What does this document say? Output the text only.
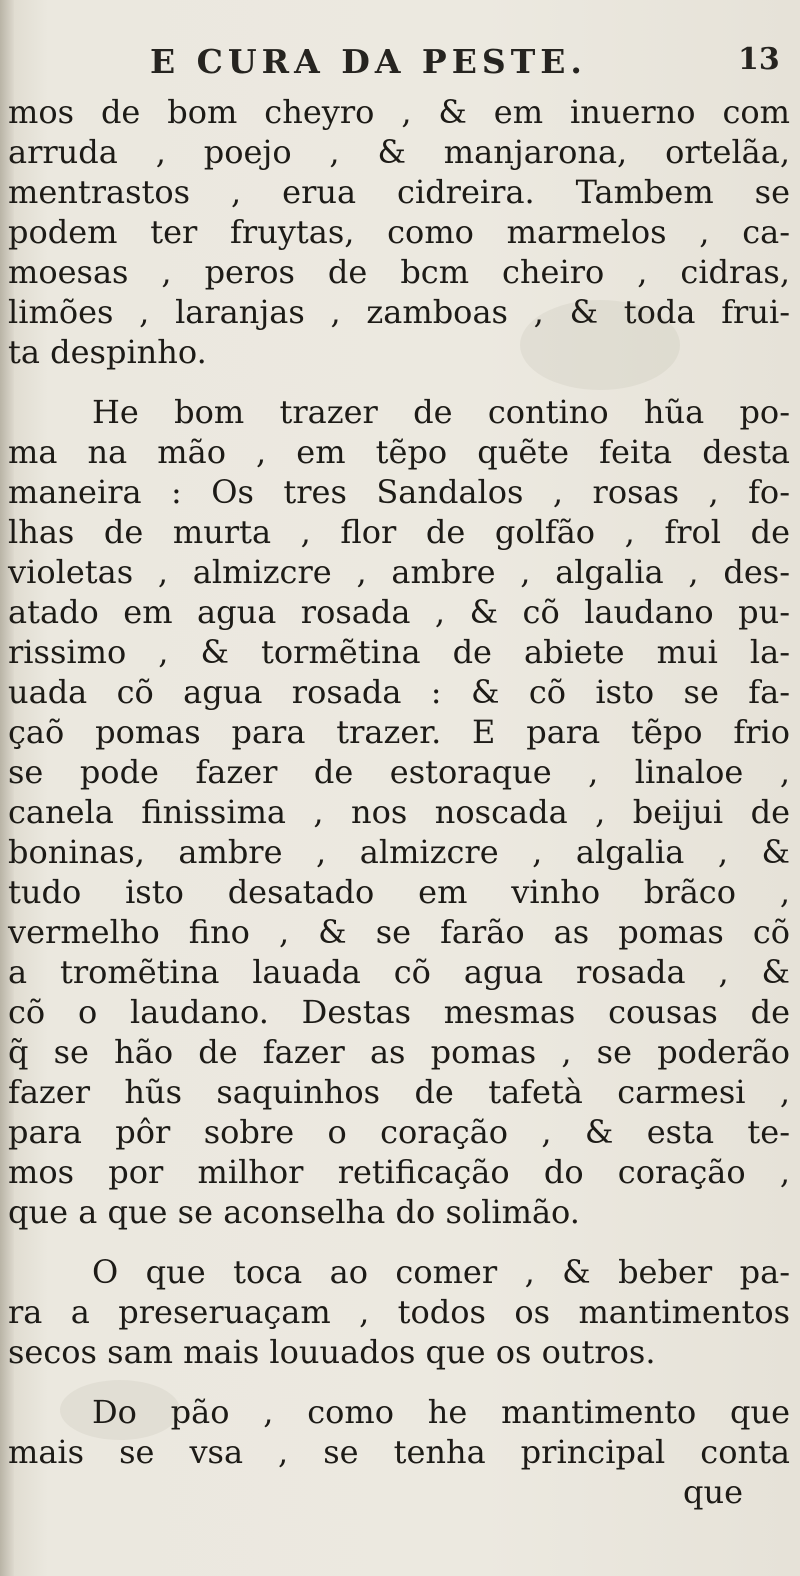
E CURA DA PESTE.	13
mos de bom cheyro , & em inuerno com
arruda , poejo , & manjarona, ortelãa,
mentrastos , erua cidreira. Tambem se
podem ter fruytas, como marmelos , ca-
moesas , peros de bcm cheiro , cidras,
limões , laranjas , zamboas , & toda frui-
ta despinho.
He bom trazer de contino hũa po-
ma na mão , em tẽpo quẽte feita desta
maneira : Os tres Sandalos , rosas , fo-
lhas de murta , flor de golfão , frol de
violetas , almizcre , ambre , algalia , des-
atado em agua rosada , & cõ laudano pu-
rissimo , & tormẽtina de abiete mui la-
uada cõ agua rosada : & cõ isto se fa-
çaõ pomas para trazer. E para tẽpo frio
se pode fazer de estoraque , linaloe ,
canela finissima , nos noscada , beijui de
boninas, ambre , almizcre , algalia , &
tudo isto desatado em vinho brãco ,
vermelho fino , & se farão as pomas cõ
a tromẽtina lauada cõ agua rosada , &
cõ o laudano. Destas mesmas cousas de
q̃ se hão de fazer as pomas , se poderão
fazer hũs saquinhos de tafetà carmesi ,
para pôr sobre o coração , & esta te-
mos por milhor retificação do coração ,
que a que se aconselha do solimão.
O que toca ao comer , & beber pa-
ra a preseruaçam , todos os mantimentos
secos sam mais louuados que os outros.
Do pão , como he mantimento que
mais se vsa , se tenha principal conta
que
